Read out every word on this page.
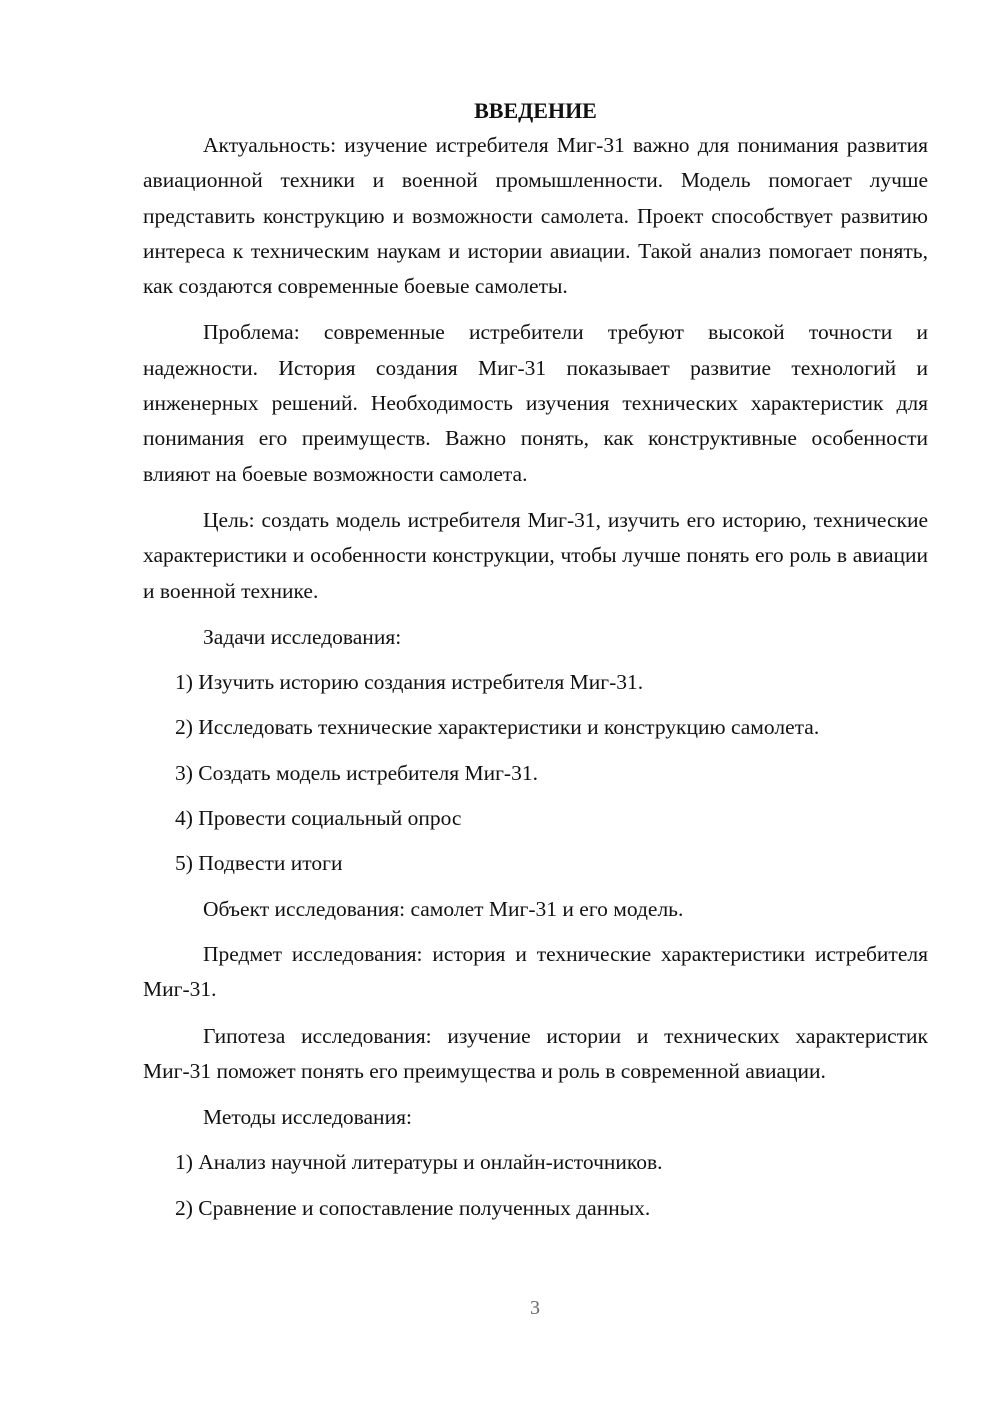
ВВЕДЕНИЕ

Актуальность: изучение истребителя Миг-31 важно для понимания развития авиационной техники и военной промышленности. Модель помогает лучше представить конструкцию и возможности самолета. Проект способствует развитию интереса к техническим наукам и истории авиации. Такой анализ помогает понять, как создаются современные боевые самолеты.

Проблема: современные истребители требуют высокой точности и надежности. История создания Миг-31 показывает развитие технологий и инженерных решений. Необходимость изучения технических характеристик для понимания его преимуществ. Важно понять, как конструктивные особенности влияют на боевые возможности самолета.

Цель: создать модель истребителя Миг-31, изучить его историю, технические характеристики и особенности конструкции, чтобы лучше понять его роль в авиации и военной технике.

Задачи исследования:

1) Изучить историю создания истребителя Миг-31.

2) Исследовать технические характеристики и конструкцию самолета.

3) Создать модель истребителя Миг-31.

4) Провести социальный опрос

5) Подвести итоги

Объект исследования: самолет Миг-31 и его модель.

Предмет исследования: история и технические характеристики истребителя Миг-31.

Гипотеза исследования: изучение истории и технических характеристик Миг-31 поможет понять его преимущества и роль в современной авиации.

Методы исследования:

1) Анализ научной литературы и онлайн-источников.

2) Сравнение и сопоставление полученных данных.

3
